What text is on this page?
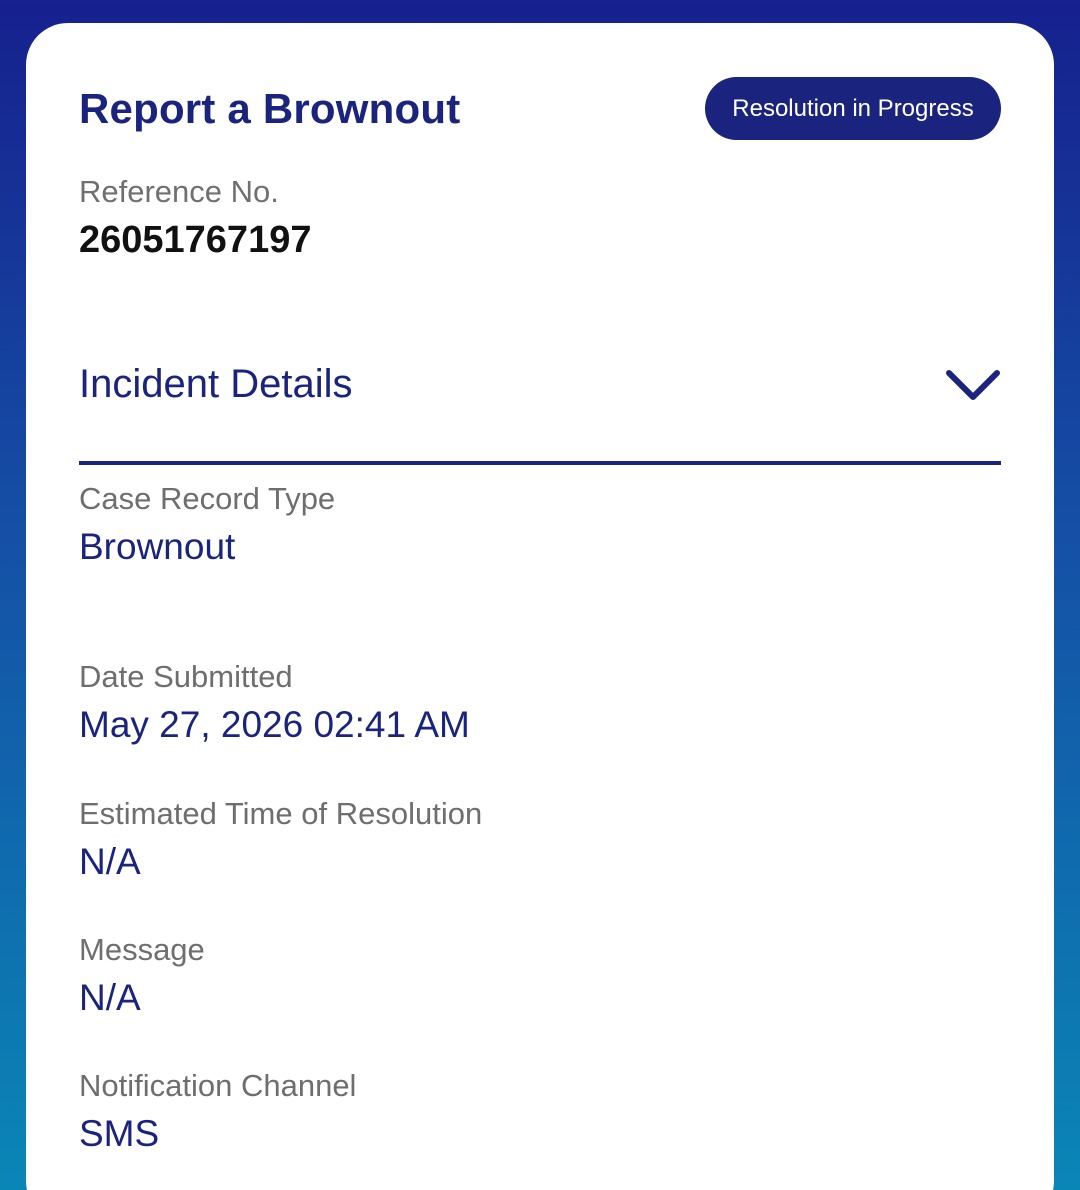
Report a Brownout	Resolution in Progress
Reference No.
26051767197
Incident Details
Case Record Type
Brownout
Date Submitted
May 27, 2026 02:41 AM
Estimated Time of Resolution
N/A
Message
N/A
Notification Channel
SMS
